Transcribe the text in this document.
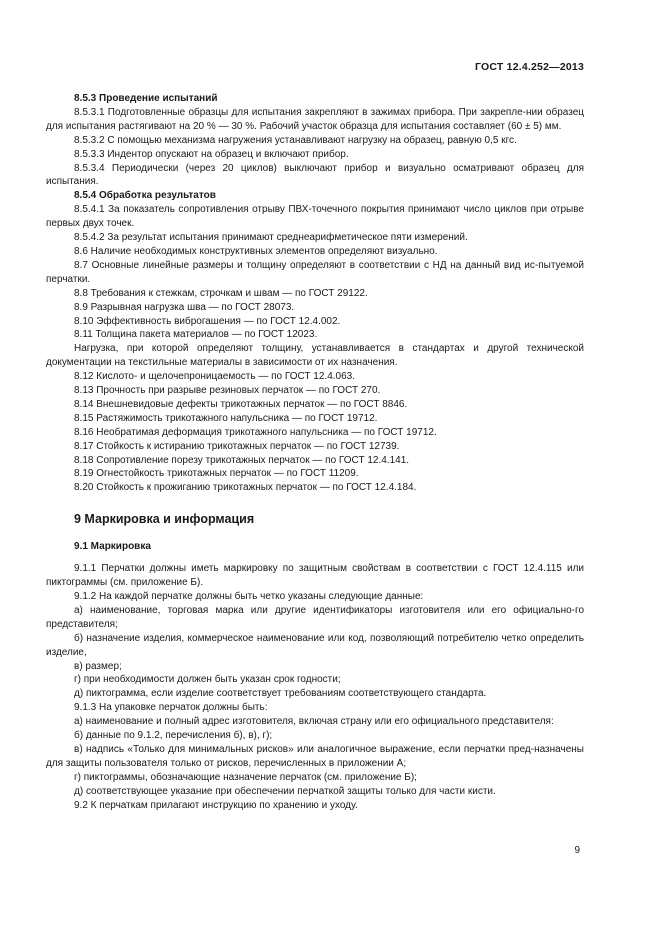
ГОСТ 12.4.252—2013

8.5.3 Проведение испытаний

8.5.3.1 Подготовленные образцы для испытания закрепляют в зажимах прибора. При закрепле-нии образец для испытания растягивают на 20 % — 30 %. Рабочий участок образца для испытания составляет (60 ± 5) мм.

8.5.3.2 С помощью механизма нагружения устанавливают нагрузку на образец, равную 0,5 кгс.

8.5.3.3 Индентор опускают на образец и включают прибор.

8.5.3.4 Периодически (через 20 циклов) выключают прибор и визуально осматривают образец для испытания.

8.5.4 Обработка результатов

8.5.4.1 За показатель сопротивления отрыву ПВХ-точечного покрытия принимают число циклов при отрыве первых двух точек.

8.5.4.2 За результат испытания принимают среднеарифметическое пяти измерений.

8.6 Наличие необходимых конструктивных элементов определяют визуально.

8.7 Основные линейные размеры и толщину определяют в соответствии с НД на данный вид ис-пытуемой перчатки.

8.8 Требования к стежкам, строчкам и швам — по ГОСТ 29122.

8.9 Разрывная нагрузка шва — по ГОСТ 28073.

8.10 Эффективность виброгашения — по ГОСТ 12.4.002.

8.11 Толщина пакета материалов — по ГОСТ 12023.

Нагрузка, при которой определяют толщину, устанавливается в стандартах и другой технической документации на текстильные материалы в зависимости от их назначения.

8.12 Кислото- и щелочепроницаемость — по ГОСТ 12.4.063.

8.13 Прочность при разрыве резиновых перчаток — по ГОСТ 270.

8.14 Внешневидовые дефекты трикотажных перчаток — по ГОСТ 8846.

8.15 Растяжимость трикотажного напульсника — по ГОСТ 19712.

8.16 Необратимая деформация трикотажного напульсника — по ГОСТ 19712.

8.17 Стойкость к истиранию трикотажных перчаток — по ГОСТ 12739.

8.18 Сопротивление порезу трикотажных перчаток — по ГОСТ 12.4.141.

8.19 Огнестойкость трикотажных перчаток — по ГОСТ 11209.

8.20 Стойкость к прожиганию трикотажных перчаток — по ГОСТ 12.4.184.

9 Маркировка и информация

9.1 Маркировка

9.1.1 Перчатки должны иметь маркировку по защитным свойствам в соответствии с ГОСТ 12.4.115 или пиктограммы (см. приложение Б).

9.1.2 На каждой перчатке должны быть четко указаны следующие данные:

а) наименование, торговая марка или другие идентификаторы изготовителя или его официально-го представителя;

б) назначение изделия, коммерческое наименование или код, позволяющий потребителю четко определить изделие,

в) размер;

г) при необходимости должен быть указан срок годности;

д) пиктограмма, если изделие соответствует требованиям соответствующего стандарта.

9.1.3 На упаковке перчаток должны быть:

а) наименование и полный адрес изготовителя, включая страну или его официального представителя:

б) данные по 9.1.2, перечисления б), в), г);

в) надпись «Только для минимальных рисков» или аналогичное выражение, если перчатки пред-назначены для защиты пользователя только от рисков, перечисленных в приложении А;

г) пиктограммы, обозначающие назначение перчаток (см. приложение Б);

д) соответствующее указание при обеспечении перчаткой защиты только для части кисти.

9.2 К перчаткам прилагают инструкцию по хранению и уходу.

9
